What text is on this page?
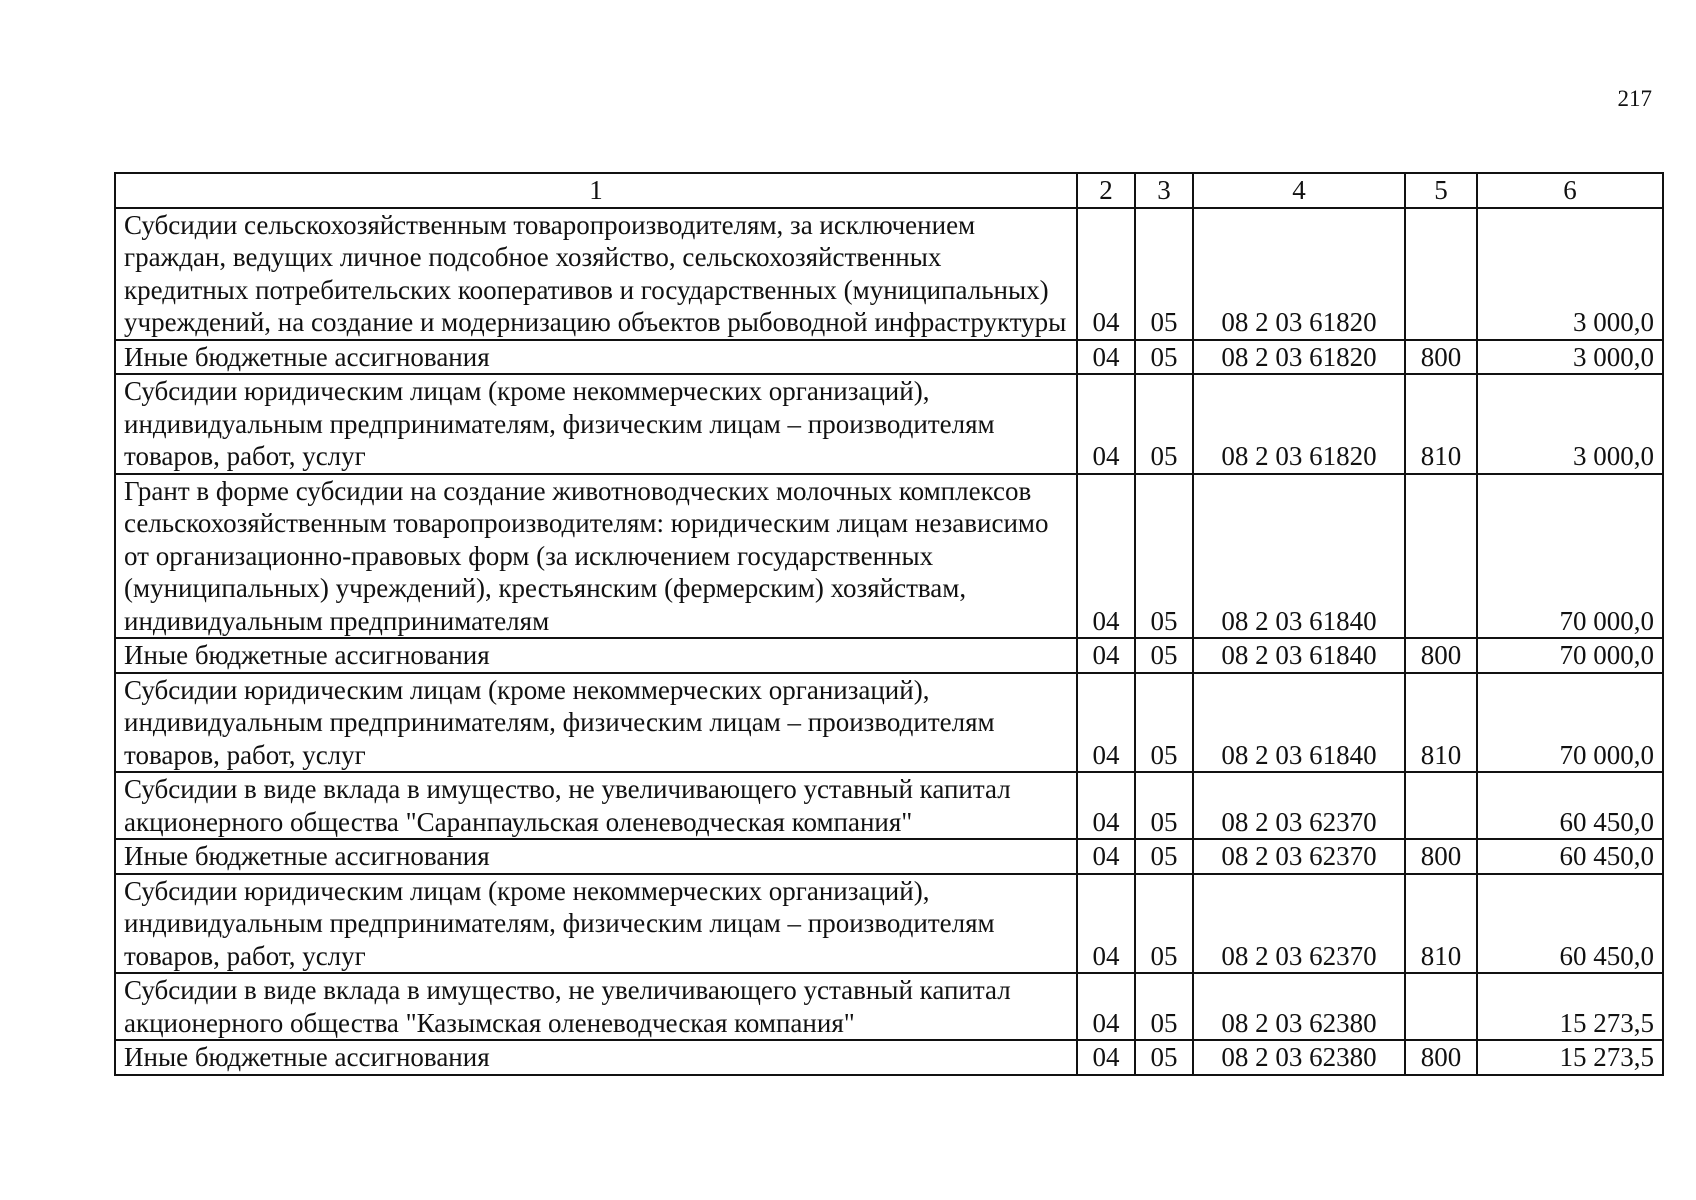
217
1	2	3	4	5	6
Субсидии сельскохозяйственным товаропроизводителям, за исключением граждан, ведущих личное подсобное хозяйство, сельскохозяйственных кредитных потребительских кооперативов и государственных (муниципальных) учреждений, на создание и модернизацию объектов рыбоводной инфраструктуры	04	05	08 2 03 61820		3 000,0
Иные бюджетные ассигнования	04	05	08 2 03 61820	800	3 000,0
Субсидии юридическим лицам (кроме некоммерческих организаций), индивидуальным предпринимателям, физическим лицам – производителям товаров, работ, услуг	04	05	08 2 03 61820	810	3 000,0
Грант в форме субсидии на создание животноводческих молочных комплексов сельскохозяйственным товаропроизводителям: юридическим лицам независимо от организационно-правовых форм (за исключением государственных (муниципальных) учреждений), крестьянским (фермерским) хозяйствам, индивидуальным предпринимателям	04	05	08 2 03 61840		70 000,0
Иные бюджетные ассигнования	04	05	08 2 03 61840	800	70 000,0
Субсидии юридическим лицам (кроме некоммерческих организаций), индивидуальным предпринимателям, физическим лицам – производителям товаров, работ, услуг	04	05	08 2 03 61840	810	70 000,0
Субсидии в виде вклада в имущество, не увеличивающего уставный капитал акционерного общества "Саранпаульская оленеводческая компания"	04	05	08 2 03 62370		60 450,0
Иные бюджетные ассигнования	04	05	08 2 03 62370	800	60 450,0
Субсидии юридическим лицам (кроме некоммерческих организаций), индивидуальным предпринимателям, физическим лицам – производителям товаров, работ, услуг	04	05	08 2 03 62370	810	60 450,0
Субсидии в виде вклада в имущество, не увеличивающего уставный капитал акционерного общества "Казымская оленеводческая компания"	04	05	08 2 03 62380		15 273,5
Иные бюджетные ассигнования	04	05	08 2 03 62380	800	15 273,5
